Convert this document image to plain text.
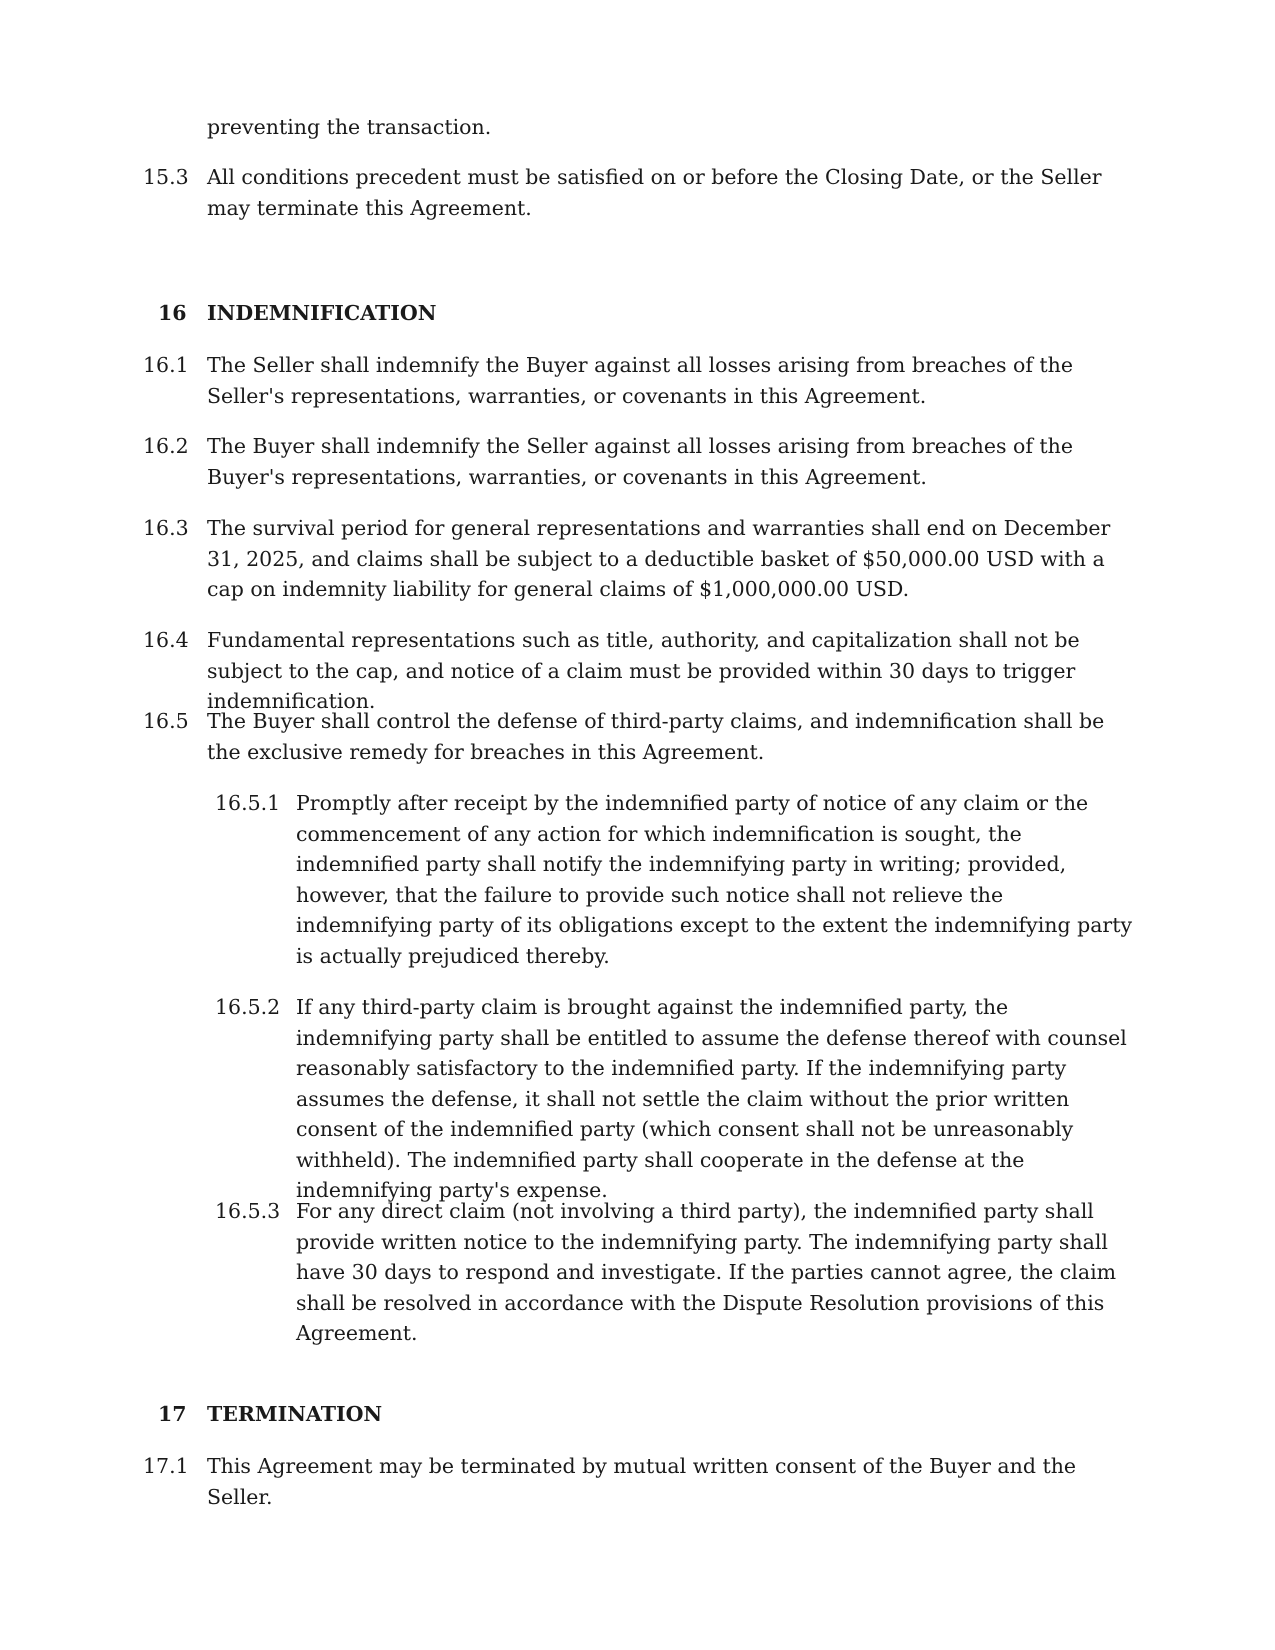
preventing the transaction.
15.3 All conditions precedent must be satisfied on or before the Closing Date, or the Seller may terminate this Agreement.
16 INDEMNIFICATION
16.1 The Seller shall indemnify the Buyer against all losses arising from breaches of the Seller's representations, warranties, or covenants in this Agreement.
16.2 The Buyer shall indemnify the Seller against all losses arising from breaches of the Buyer's representations, warranties, or covenants in this Agreement.
16.3 The survival period for general representations and warranties shall end on December 31, 2025, and claims shall be subject to a deductible basket of $50,000.00 USD with a cap on indemnity liability for general claims of $1,000,000.00 USD.
16.4 Fundamental representations such as title, authority, and capitalization shall not be subject to the cap, and notice of a claim must be provided within 30 days to trigger indemnification.
16.5 The Buyer shall control the defense of third-party claims, and indemnification shall be the exclusive remedy for breaches in this Agreement.
16.5.1 Promptly after receipt by the indemnified party of notice of any claim or the commencement of any action for which indemnification is sought, the indemnified party shall notify the indemnifying party in writing; provided, however, that the failure to provide such notice shall not relieve the indemnifying party of its obligations except to the extent the indemnifying party is actually prejudiced thereby.
16.5.2 If any third-party claim is brought against the indemnified party, the indemnifying party shall be entitled to assume the defense thereof with counsel reasonably satisfactory to the indemnified party. If the indemnifying party assumes the defense, it shall not settle the claim without the prior written consent of the indemnified party (which consent shall not be unreasonably withheld). The indemnified party shall cooperate in the defense at the indemnifying party's expense.
16.5.3 For any direct claim (not involving a third party), the indemnified party shall provide written notice to the indemnifying party. The indemnifying party shall have 30 days to respond and investigate. If the parties cannot agree, the claim shall be resolved in accordance with the Dispute Resolution provisions of this Agreement.
17 TERMINATION
17.1 This Agreement may be terminated by mutual written consent of the Buyer and the Seller.
